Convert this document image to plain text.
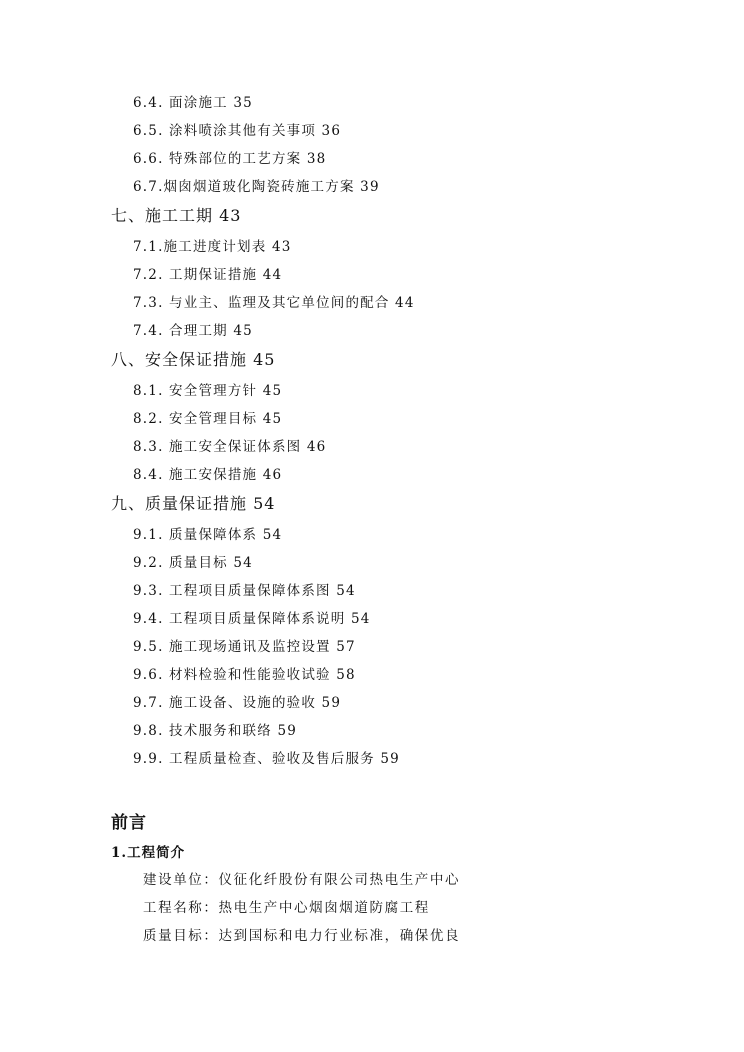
6.4. 面涂施工 35
6.5. 涂料喷涂其他有关事项 36
6.6. 特殊部位的工艺方案 38
6.7.烟囱烟道玻化陶瓷砖施工方案 39
七、施工工期 43
7.1.施工进度计划表 43
7.2. 工期保证措施 44
7.3. 与业主、监理及其它单位间的配合 44
7.4. 合理工期 45
八、安全保证措施 45
8.1. 安全管理方针 45
8.2. 安全管理目标 45
8.3. 施工安全保证体系图 46
8.4. 施工安保措施 46
九、质量保证措施 54
9.1. 质量保障体系 54
9.2. 质量目标 54
9.3. 工程项目质量保障体系图 54
9.4. 工程项目质量保障体系说明 54
9.5. 施工现场通讯及监控设置 57
9.6. 材料检验和性能验收试验 58
9.7. 施工设备、设施的验收 59
9.8. 技术服务和联络 59
9.9. 工程质量检查、验收及售后服务 59
前言
1.工程简介
建设单位：仪征化纤股份有限公司热电生产中心
工程名称：热电生产中心烟囱烟道防腐工程
质量目标：达到国标和电力行业标准，确保优良
